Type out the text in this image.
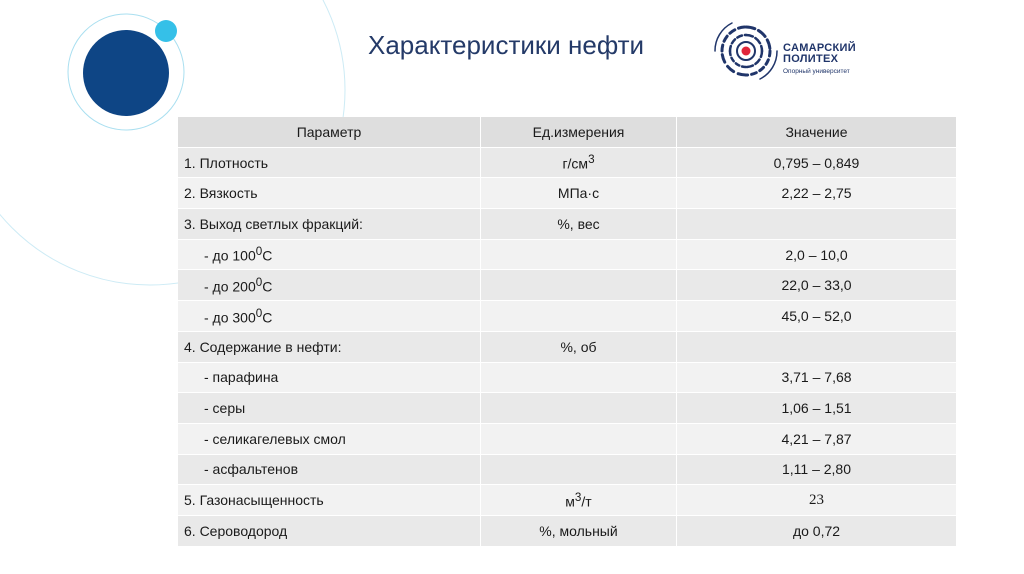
Характеристики нефти	САМАРСКИЙ
ПОЛИТЕХ
Опорный университет
Параметр	Ед.измерения	Значение
1. Плотность	$г/см^3$	0,795 – 0,849
2. Вязкость	МПа·с	2,22 – 2,75
3. Выход светлых фракций:	%, вес	
- до $100^0С$		2,0 – 10,0
- до $200^0С$		22,0 – 33,0
- до $300^0С$		45,0 – 52,0
4. Содержание в нефти:	%, об	
- парафина		3,71 – 7,68
- серы		1,06 – 1,51
- селикагелевых смол		4,21 – 7,87
- асфальтенов		1,11 – 2,80
5. Газонасыщенность	$м^3/т$	23
6. Сероводород	%, мольный	до 0,72
